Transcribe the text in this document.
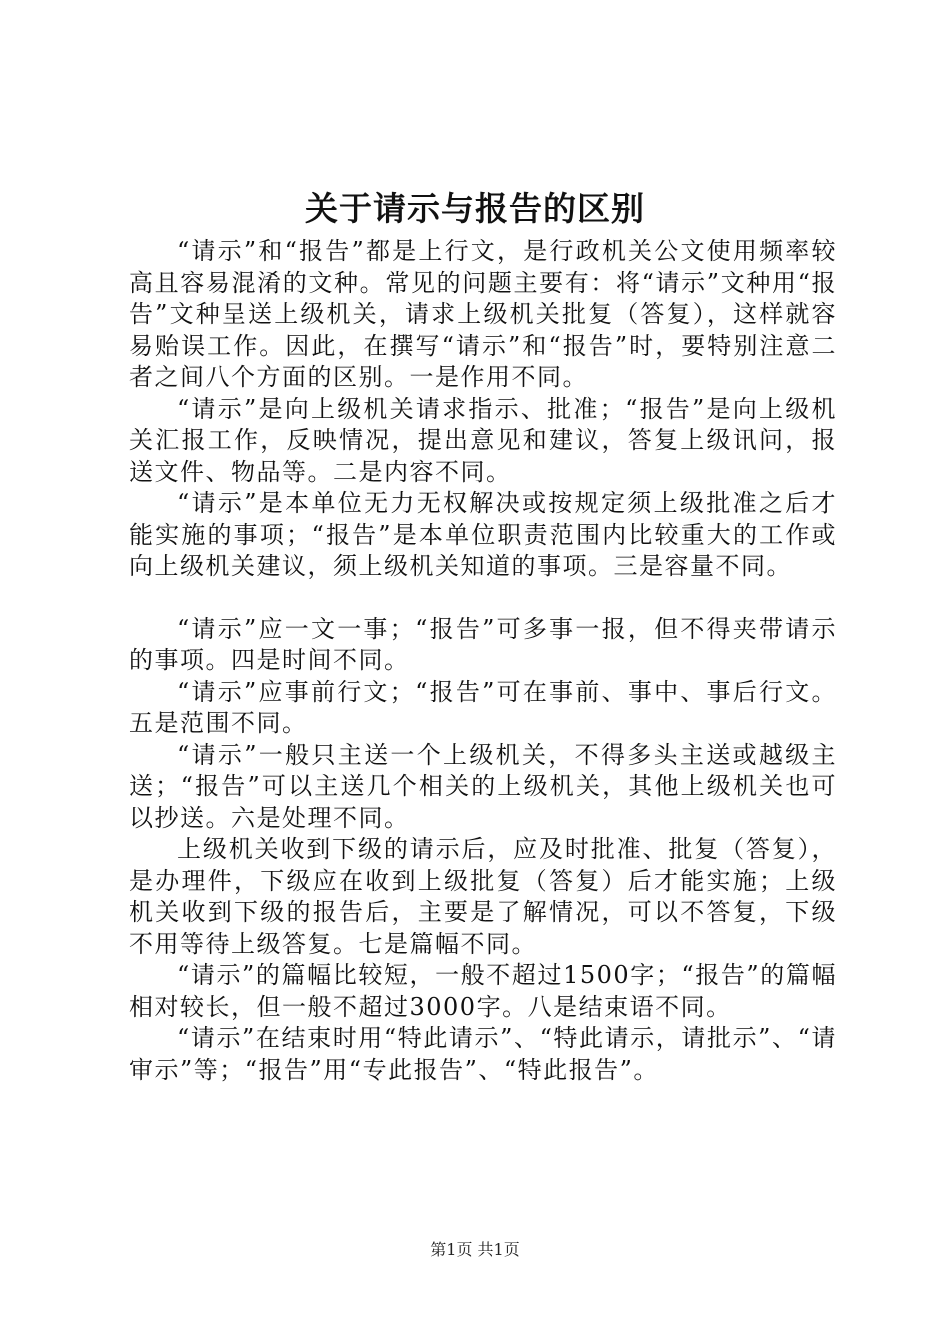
关于请示与报告的区别

“请示”和“报告”都是上行文，是行政机关公文使用频率较高且容易混淆的文种。常见的问题主要有：将“请示”文种用“报告”文种呈送上级机关，请求上级机关批复（答复），这样就容易贻误工作。因此，在撰写“请示”和“报告”时，要特别注意二者之间八个方面的区别。一是作用不同。

“请示”是向上级机关请求指示、批准；“报告”是向上级机关汇报工作，反映情况，提出意见和建议，答复上级讯问，报送文件、物品等。二是内容不同。

“请示”是本单位无力无权解决或按规定须上级批准之后才能实施的事项；“报告”是本单位职责范围内比较重大的工作或向上级机关建议，须上级机关知道的事项。三是容量不同。

“请示”应一文一事；“报告”可多事一报，但不得夹带请示的事项。四是时间不同。

“请示”应事前行文；“报告”可在事前、事中、事后行文。五是范围不同。

“请示”一般只主送一个上级机关，不得多头主送或越级主送；“报告”可以主送几个相关的上级机关，其他上级机关也可以抄送。六是处理不同。

上级机关收到下级的请示后，应及时批准、批复（答复），是办理件，下级应在收到上级批复（答复）后才能实施；上级机关收到下级的报告后，主要是了解情况，可以不答复，下级不用等待上级答复。七是篇幅不同。

“请示”的篇幅比较短，一般不超过1500字；“报告”的篇幅相对较长，但一般不超过3000字。八是结束语不同。

“请示”在结束时用“特此请示”、“特此请示，请批示”、“请审示”等；“报告”用“专此报告”、“特此报告”。

第1页 共1页
